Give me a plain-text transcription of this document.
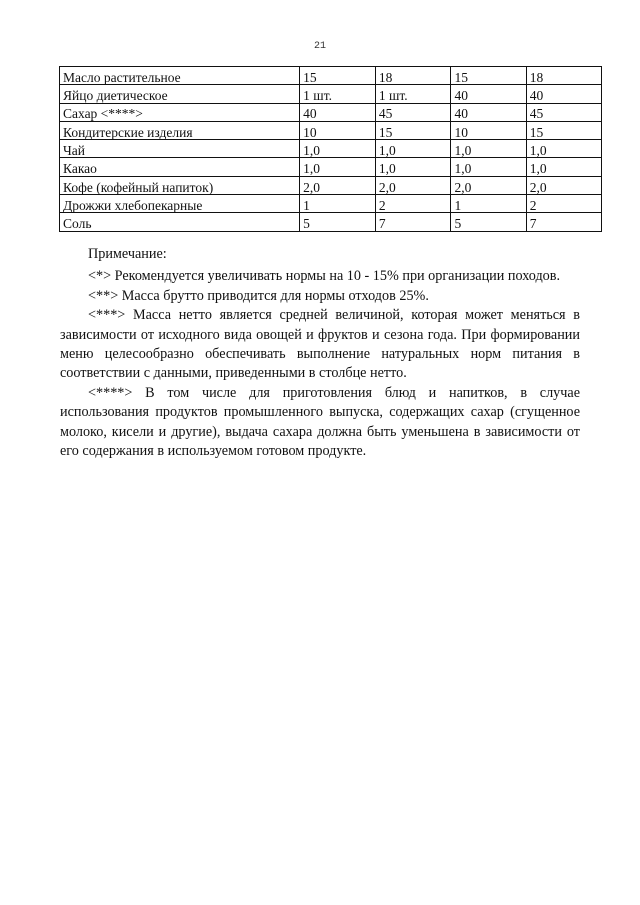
21
Масло растительное	15	18	15	18
Яйцо диетическое	1 шт.	1 шт.	40	40
Сахар <****>	40	45	40	45
Кондитерские изделия	10	15	10	15
Чай	1,0	1,0	1,0	1,0
Какао	1,0	1,0	1,0	1,0
Кофе (кофейный напиток)	2,0	2,0	2,0	2,0
Дрожжи хлебопекарные	1	2	1	2
Соль	5	7	5	7

Примечание:

<*> Рекомендуется увеличивать нормы на 10 - 15% при организации походов.

<**> Масса брутто приводится для нормы отходов 25%.

<***> Масса нетто является средней величиной, которая может меняться в зависимости от исходного вида овощей и фруктов и сезона года. При формировании меню целесообразно обеспечивать выполнение натуральных норм питания в соответствии с данными, приведенными в столбце нетто.

<****> В том числе для приготовления блюд и напитков, в случае использования продуктов промышленного выпуска, содержащих сахар (сгущенное молоко, кисели и другие), выдача сахара должна быть уменьшена в зависимости от его содержания в используемом готовом продукте.
